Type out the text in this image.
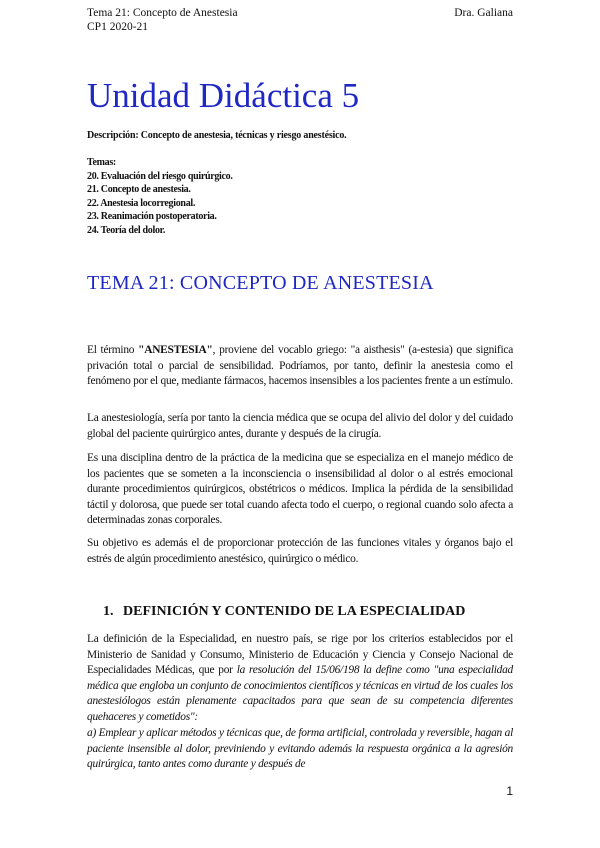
Tema 21: Concepto de Anestesia
CP1 2020-21
Dra. Galiana
Unidad Didáctica 5
Descripción: Concepto de anestesia, técnicas y riesgo anestésico.
Temas:
20. Evaluación del riesgo quirúrgico.
21. Concepto de anestesia.
22. Anestesia locorregional.
23. Reanimación postoperatoria.
24. Teoría del dolor.
TEMA 21: CONCEPTO DE ANESTESIA

El término "ANESTESIA", proviene del vocablo griego: "a aisthesis" (a-estesia) que significa privación total o parcial de sensibilidad. Podríamos, por tanto, definir la anestesia como el fenómeno por el que, mediante fármacos, hacemos insensibles a los pacientes frente a un estímulo.

La anestesiología, sería por tanto la ciencia médica que se ocupa del alivio del dolor y del cuidado global del paciente quirúrgico antes, durante y después de la cirugía.

Es una disciplina dentro de la práctica de la medicina que se especializa en el manejo médico de los pacientes que se someten a la inconsciencia o insensibilidad al dolor o al estrés emocional durante procedimientos quirúrgicos, obstétricos o médicos. Implica la pérdida de la sensibilidad táctil y dolorosa, que puede ser total cuando afecta todo el cuerpo, o regional cuando solo afecta a determinadas zonas corporales.

Su objetivo es además el de proporcionar protección de las funciones vitales y órganos bajo el estrés de algún procedimiento anestésico, quirúrgico o médico.

1. DEFINICIÓN Y CONTENIDO DE LA ESPECIALIDAD

La definición de la Especialidad, en nuestro país, se rige por los criterios establecidos por el Ministerio de Sanidad y Consumo, Ministerio de Educación y Ciencia y Consejo Nacional de Especialidades Médicas, que por la resolución del 15/06/198 la define como "una especialidad médica que engloba un conjunto de conocimientos científicos y técnicas en virtud de los cuales los anestesiólogos están plenamente capacitados para que sean de su competencia diferentes quehaceres y cometidos":

a) Emplear y aplicar métodos y técnicas que, de forma artificial, controlada y reversible, hagan al paciente insensible al dolor, previniendo y evitando además la respuesta orgánica a la agresión quirúrgica, tanto antes como durante y después de

1
